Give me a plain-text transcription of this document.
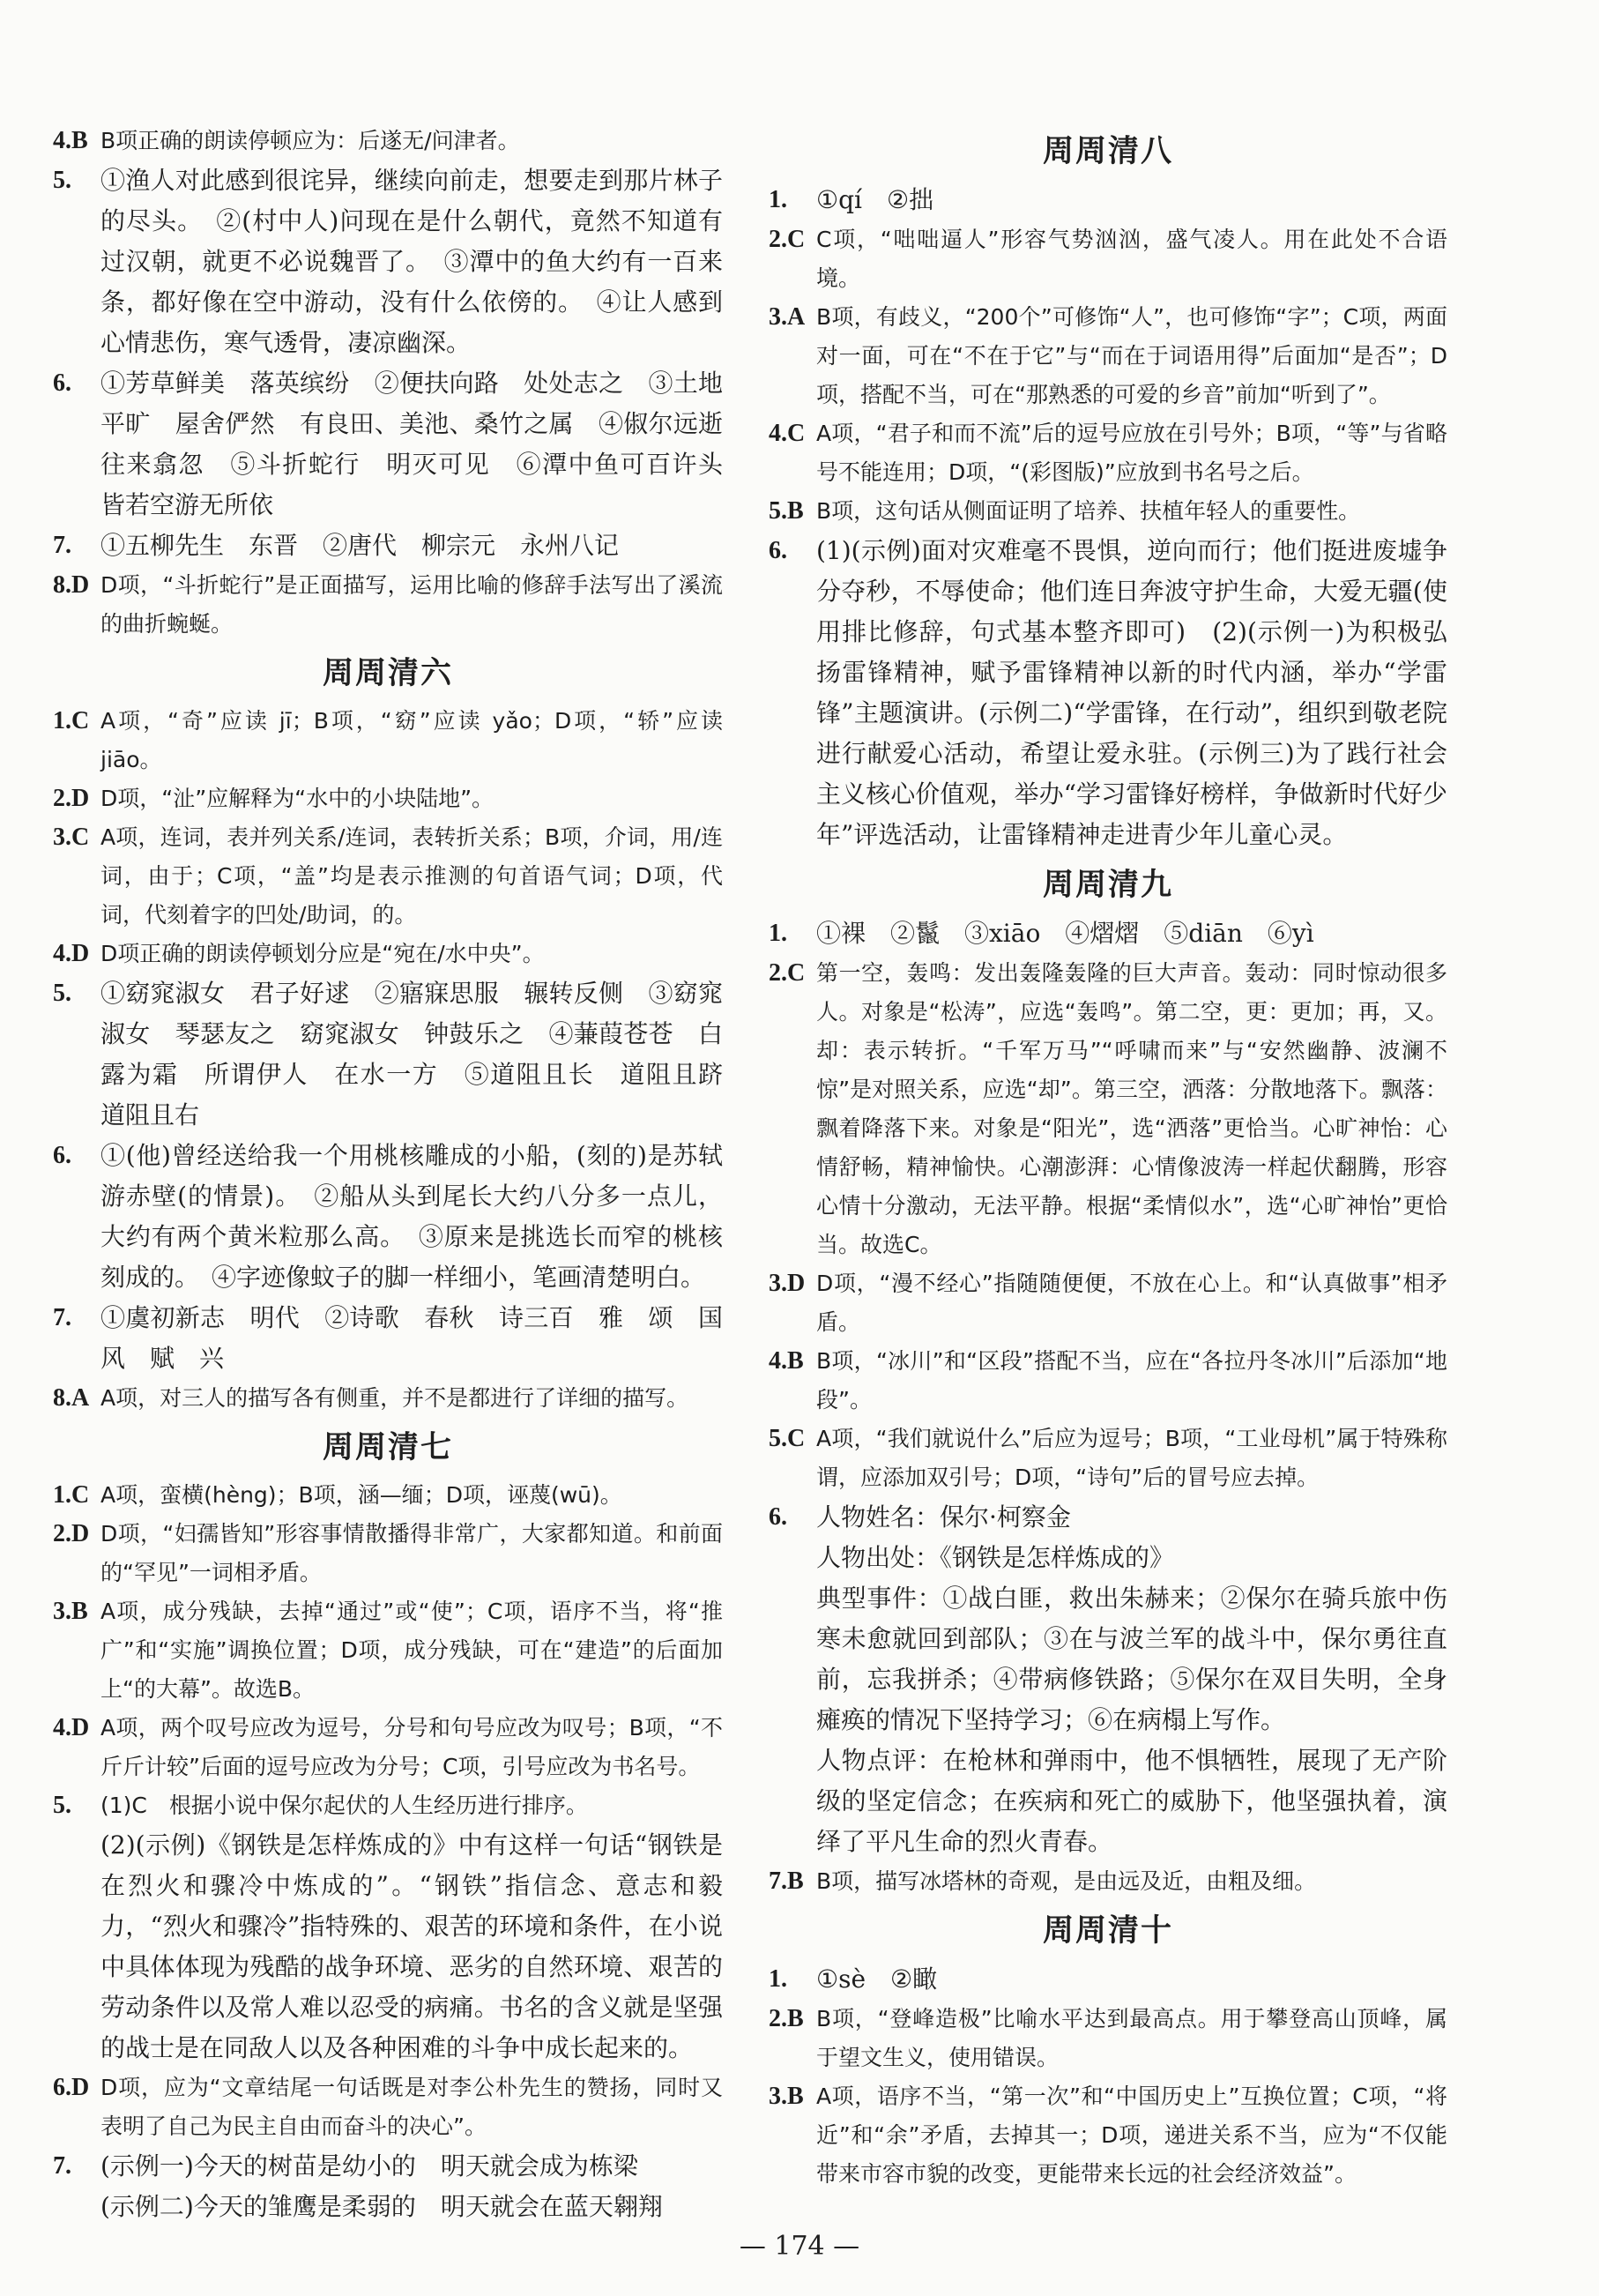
4.B B项正确的朗读停顿应为：后遂无/问津者。
5. ①渔人对此感到很诧异，继续向前走，想要走到那片林子的尽头。　②(村中人)问现在是什么朝代，竟然不知道有过汉朝，就更不必说魏晋了。　③潭中的鱼大约有一百来条，都好像在空中游动，没有什么依傍的。　④让人感到心情悲伤，寒气透骨，凄凉幽深。
6. ①芳草鲜美　落英缤纷　②便扶向路　处处志之　③土地平旷　屋舍俨然　有良田、美池、桑竹之属　④俶尔远逝　往来翕忽　⑤斗折蛇行　明灭可见　⑥潭中鱼可百许头　皆若空游无所依
7. ①五柳先生　东晋　②唐代　柳宗元　永州八记
8.D D项，“斗折蛇行”是正面描写，运用比喻的修辞手法写出了溪流的曲折蜿蜒。
周周清六
1.C A项，“奇”应读 jī；B项，“窈”应读 yǎo；D项，“轿”应读 jiāo。
2.D D项，“沚”应解释为“水中的小块陆地”。
3.C A项，连词，表并列关系/连词，表转折关系；B项，介词，用/连词，由于；C项，“盖”均是表示推测的句首语气词；D项，代词，代刻着字的凹处/助词，的。
4.D D项正确的朗读停顿划分应是“宛在/水中央”。
5. ①窈窕淑女　君子好逑　②寤寐思服　辗转反侧　③窈窕淑女　琴瑟友之　窈窕淑女　钟鼓乐之　④蒹葭苍苍　白露为霜　所谓伊人　在水一方　⑤道阻且长　道阻且跻　道阻且右
6. ①(他)曾经送给我一个用桃核雕成的小船，(刻的)是苏轼游赤壁(的情景)。　②船从头到尾长大约八分多一点儿，大约有两个黄米粒那么高。　③原来是挑选长而窄的桃核刻成的。　④字迹像蚊子的脚一样细小，笔画清楚明白。
7. ①虞初新志　明代　②诗歌　春秋　诗三百　雅　颂　国风　赋　兴
8.A A项，对三人的描写各有侧重，并不是都进行了详细的描写。
周周清七
1.C A项，蛮横(hèng)；B项，涵—缅；D项，诬蔑(wū)。
2.D D项，“妇孺皆知”形容事情散播得非常广，大家都知道。和前面的“罕见”一词相矛盾。
3.B A项，成分残缺，去掉“通过”或“使”；C项，语序不当，将“推广”和“实施”调换位置；D项，成分残缺，可在“建造”的后面加上“的大幕”。故选B。
4.D A项，两个叹号应改为逗号，分号和句号应改为叹号；B项，“不斤斤计较”后面的逗号应改为分号；C项，引号应改为书名号。
5. (1)C　根据小说中保尔起伏的人生经历进行排序。
(2)(示例)《钢铁是怎样炼成的》中有这样一句话“钢铁是在烈火和骤冷中炼成的”。“钢铁”指信念、意志和毅力，“烈火和骤冷”指特殊的、艰苦的环境和条件，在小说中具体体现为残酷的战争环境、恶劣的自然环境、艰苦的劳动条件以及常人难以忍受的病痛。书名的含义就是坚强的战士是在同敌人以及各种困难的斗争中成长起来的。
6.D D项，应为“文章结尾一句话既是对李公朴先生的赞扬，同时又表明了自己为民主自由而奋斗的决心”。
7. (示例一)今天的树苗是幼小的　明天就会成为栋梁
(示例二)今天的雏鹰是柔弱的　明天就会在蓝天翱翔
周周清八
1. ①qí　②拙
2.C C项，“咄咄逼人”形容气势汹汹，盛气凌人。用在此处不合语境。
3.A B项，有歧义，“200个”可修饰“人”，也可修饰“字”；C项，两面对一面，可在“不在于它”与“而在于词语用得”后面加“是否”；D项，搭配不当，可在“那熟悉的可爱的乡音”前加“听到了”。
4.C A项，“君子和而不流”后的逗号应放在引号外；B项，“等”与省略号不能连用；D项，“(彩图版)”应放到书名号之后。
5.B B项，这句话从侧面证明了培养、扶植年轻人的重要性。
6. (1)(示例)面对灾难毫不畏惧，逆向而行；他们挺进废墟争分夺秒，不辱使命；他们连日奔波守护生命，大爱无疆(使用排比修辞，句式基本整齐即可)　(2)(示例一)为积极弘扬雷锋精神，赋予雷锋精神以新的时代内涵，举办“学雷锋”主题演讲。(示例二)“学雷锋，在行动”，组织到敬老院进行献爱心活动，希望让爱永驻。(示例三)为了践行社会主义核心价值观，举办“学习雷锋好榜样，争做新时代好少年”评选活动，让雷锋精神走进青少年儿童心灵。
周周清九
1. ①裸　②鬣　③xiāo　④熠熠　⑤diān　⑥yì
2.C 第一空，轰鸣：发出轰隆轰隆的巨大声音。轰动：同时惊动很多人。对象是“松涛”，应选“轰鸣”。第二空，更：更加；再，又。却：表示转折。“千军万马”“呼啸而来”与“安然幽静、波澜不惊”是对照关系，应选“却”。第三空，洒落：分散地落下。飘落：飘着降落下来。对象是“阳光”，选“洒落”更恰当。心旷神怡：心情舒畅，精神愉快。心潮澎湃：心情像波涛一样起伏翻腾，形容心情十分激动，无法平静。根据“柔情似水”，选“心旷神怡”更恰当。故选C。
3.D D项，“漫不经心”指随随便便，不放在心上。和“认真做事”相矛盾。
4.B B项，“冰川”和“区段”搭配不当，应在“各拉丹冬冰川”后添加“地段”。
5.C A项，“我们就说什么”后应为逗号；B项，“工业母机”属于特殊称谓，应添加双引号；D项，“诗句”后的冒号应去掉。
6. 人物姓名：保尔·柯察金
人物出处：《钢铁是怎样炼成的》
典型事件：①战白匪，救出朱赫来；②保尔在骑兵旅中伤寒未愈就回到部队；③在与波兰军的战斗中，保尔勇往直前，忘我拼杀；④带病修铁路；⑤保尔在双目失明，全身瘫痪的情况下坚持学习；⑥在病榻上写作。
人物点评：在枪林和弹雨中，他不惧牺牲，展现了无产阶级的坚定信念；在疾病和死亡的威胁下，他坚强执着，演绎了平凡生命的烈火青春。
7.B B项，描写冰塔林的奇观，是由远及近，由粗及细。
周周清十
1. ①sè　②瞰
2.B B项，“登峰造极”比喻水平达到最高点。用于攀登高山顶峰，属于望文生义，使用错误。
3.B A项，语序不当，“第一次”和“中国历史上”互换位置；C项，“将近”和“余”矛盾，去掉其一；D项，递进关系不当，应为“不仅能带来市容市貌的改变，更能带来长远的社会经济效益”。
— 174 —
